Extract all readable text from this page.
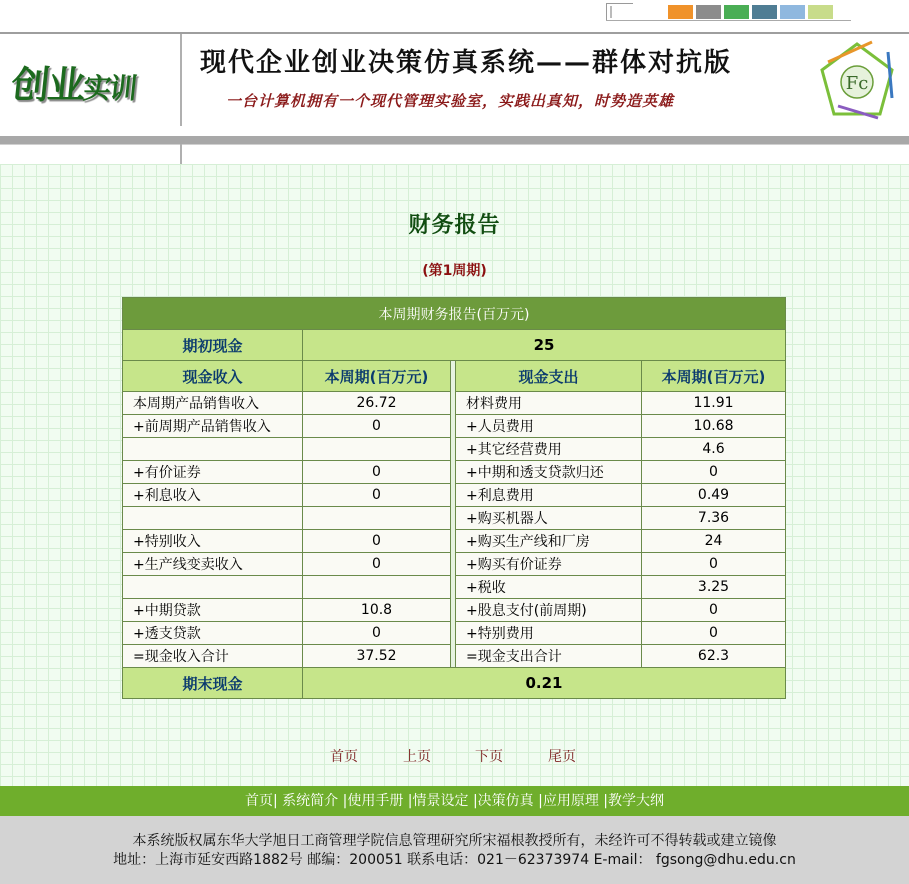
创业实训
现代企业创业决策仿真系统——群体对抗版
一台计算机拥有一个现代管理实验室，实践出真知，时势造英雄
Fc
财务报告
(第1周期)
本周期财务报告(百万元)				
期初现金	25			
现金收入	本周期(百万元)		现金支出	本周期(百万元)
本周期产品销售收入	26.72		材料费用	11.91
+前周期产品销售收入	0		+人员费用	10.68
			+其它经营费用	4.6
+有价证券	0		+中期和透支贷款归还	0
+利息收入	0		+利息费用	0.49
			+购买机器人	7.36
+特别收入	0		+购买生产线和厂房	24
+生产线变卖收入	0		+购买有价证券	0
			+税收	3.25
+中期贷款	10.8		+股息支付(前周期)	0
+透支贷款	0		+特别费用	0
=现金收入合计	37.52		=现金支出合计	62.3
期末现金	0.21			
首页	上页	下页	尾页
首页| 系统简介 |使用手册 |情景设定 |决策仿真 |应用原理 |教学大纲
本系统版权属东华大学旭日工商管理学院信息管理研究所宋福根教授所有，未经许可不得转载或建立镜像
地址：上海市延安西路1882号 邮编：200051 联系电话：021－62373974 E-mail： fgsong@dhu.edu.cn
